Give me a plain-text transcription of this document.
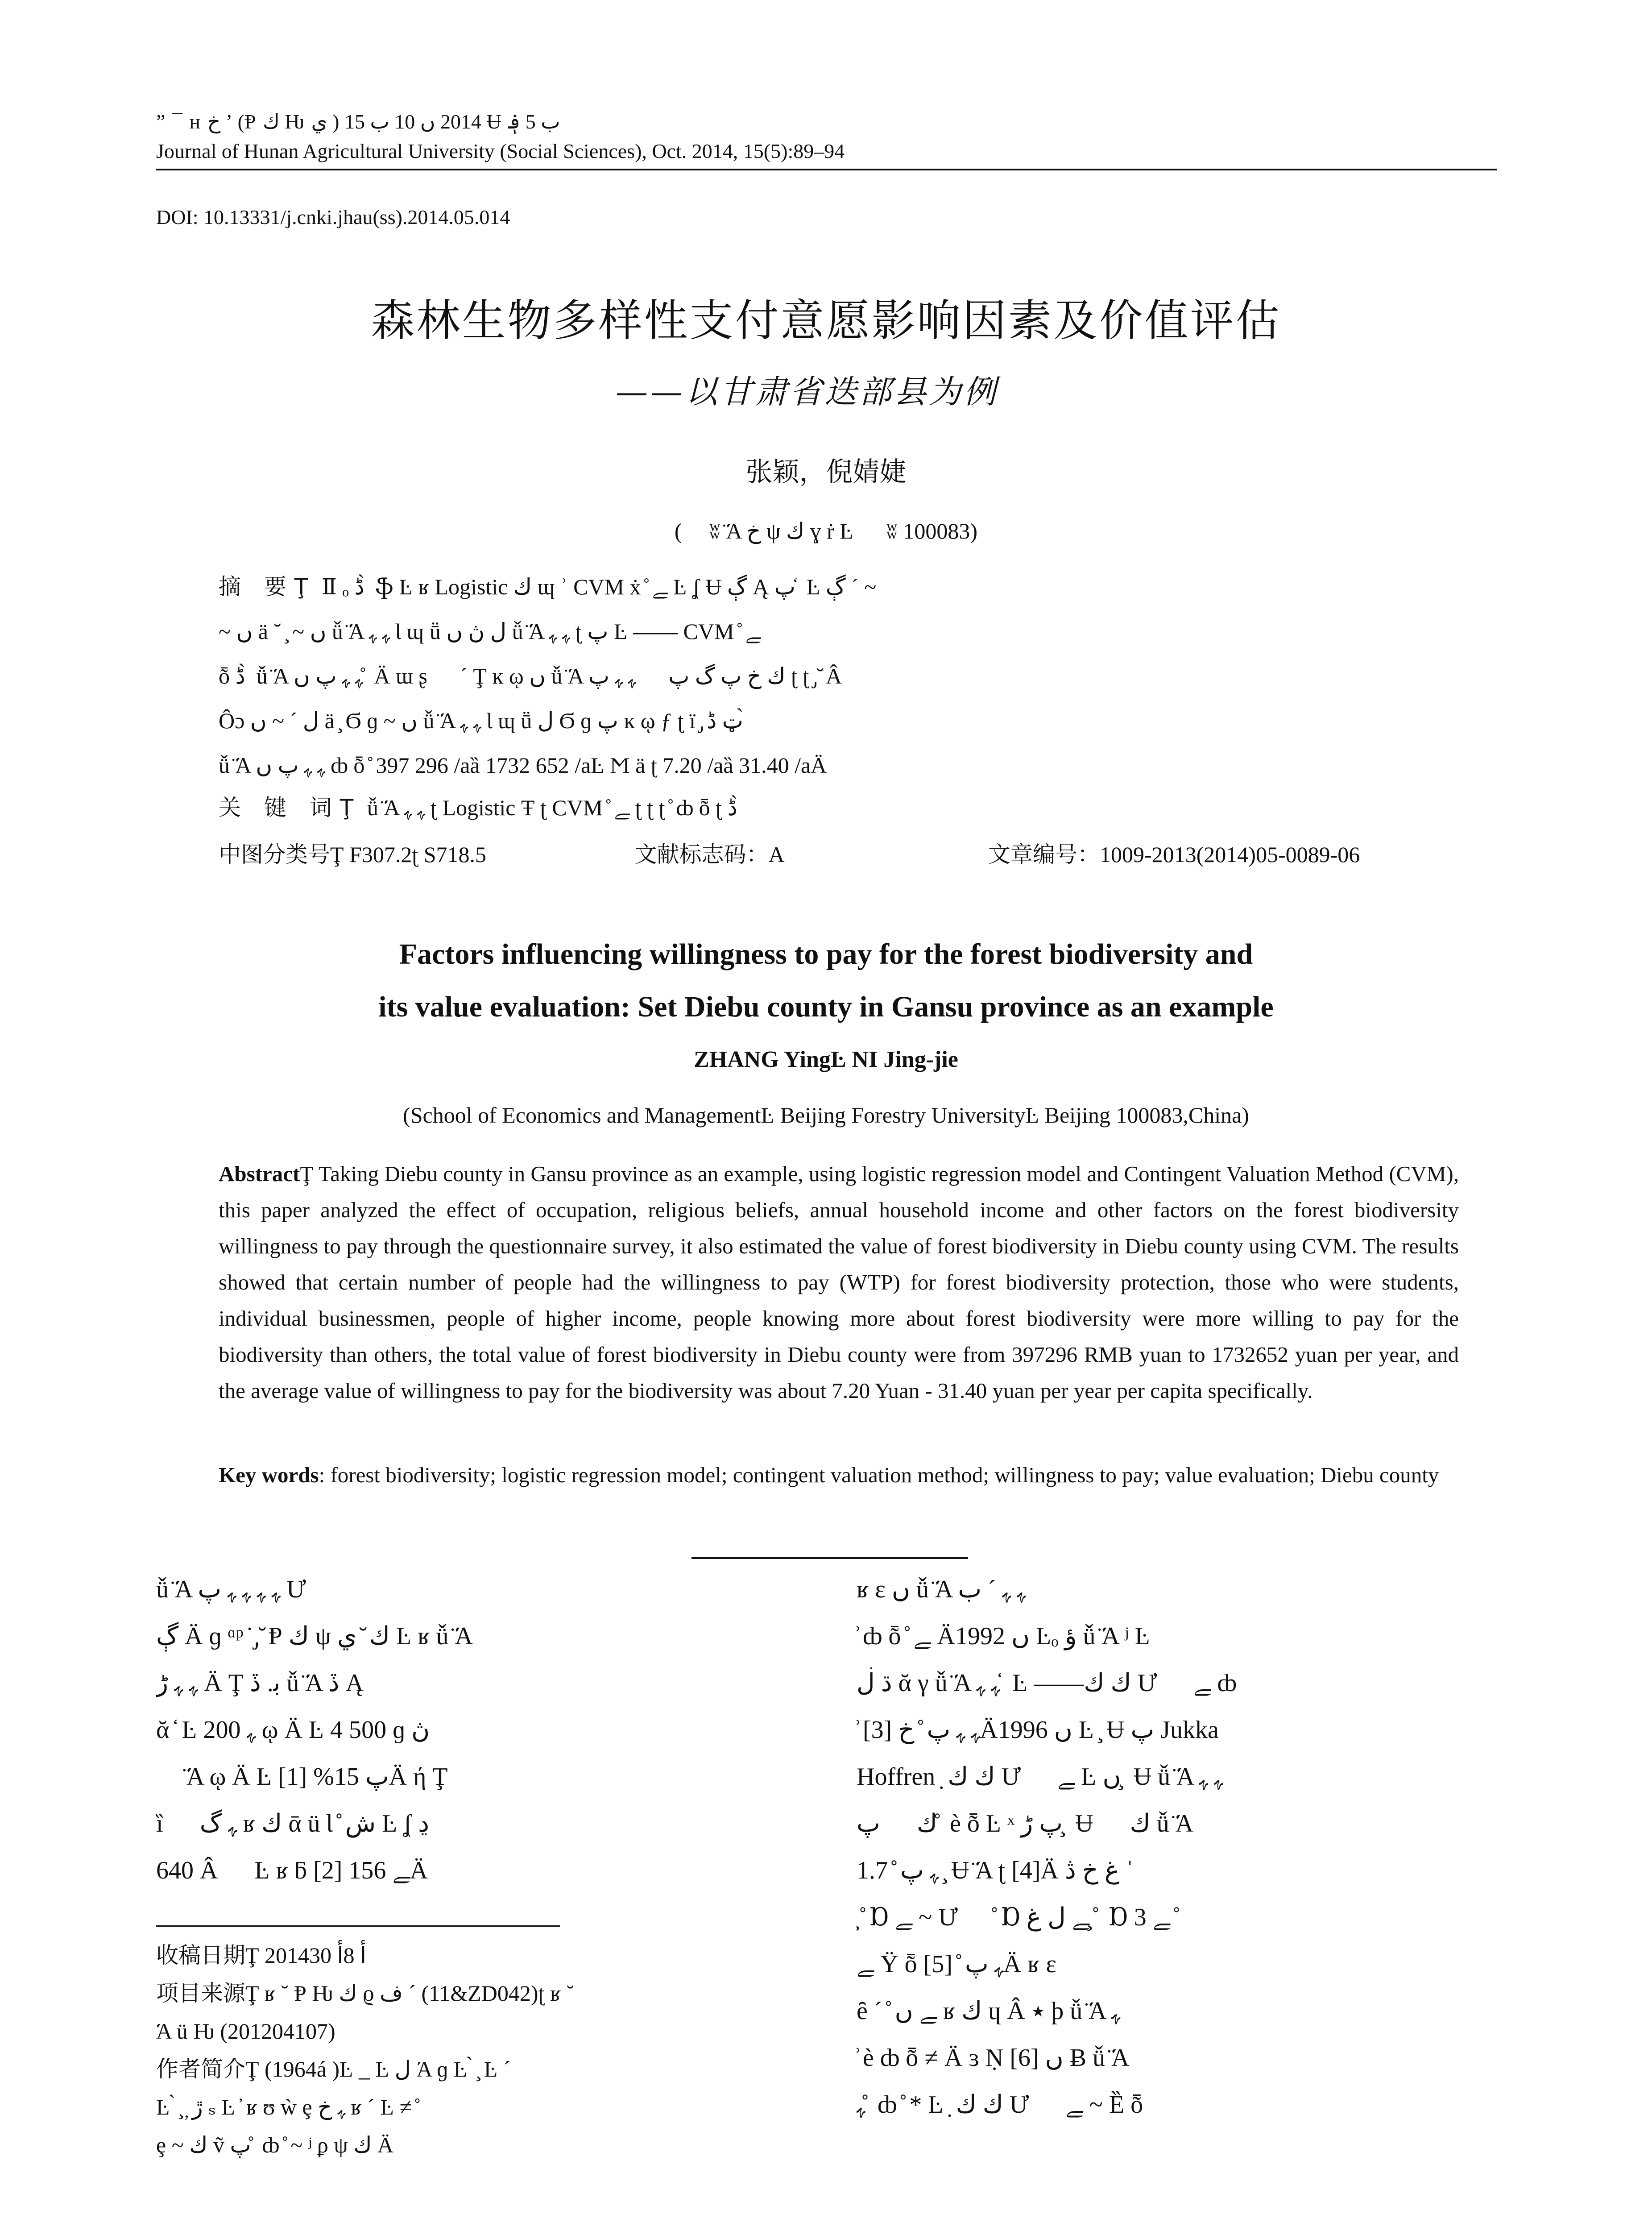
” ¯ ʜ خ ʼ (Ᵽ ﻙ Ƕ ي ) 2014 ں 10 ب 15 Ʉ ب 5 ؋
Journal of Hunan Agricultural University (Social Sciences), Oct. 2014, 15(5):89–94
DOI: 10.13331/j.cnki.jhau(ss).2014.05.014
森林生物多样性支付意愿影响因素及价值评估
——以甘肃省迭部县为例
张颖，倪婧婕
(ﾠ ʬ ̈Ά خ ψ ﻙ ɣ ṙ Ŀ ﾠ ʬ 100083)
摘 要Ţ Ⅱ ₒ ڈ ̀ ֆ Ŀ ʁ Logistic ﻙ ɰ ʾ CVM ẋ ̊ ﮯ Ŀ ʆ Ʉ ڳ Ą پ ̒ Ŀ ڳ ˊ ~
~ ں ä ˘ ̧ ~ ں ǚ ̈Ά ﮩ ﮩ Ɩ ɰ ṻ ل ڽ ں ǚ ̈Ά ﮩ ﮩ ʈ پ Ŀ —— CVM ̊ ﮯ
ȭ ڈ ̀ ǚ ̈Ά ﮩ ﮩ پ ں ̊ Ä ɯ ʂ ﾠ ˊ Ţ ĸ ῳ ں ǚ ̈Ά ﮩ ﮩ پ ﾠ ﻙ خ پ گ پ ʈ ʈ ̡ ̆ Â
Ôɔ ﻝ ˊ ~ ں ä ̧ Ϭ ɡ ~ ں ǚ ̈Ά ﮩ ﮩ Ɩ ɰ ṻ ل Ϭ ɡ پ ĸ ῳ ƒ ʈ ї ̡ ټ ڈ ̀
ǚ ̈Ά ﮩ ﮩ پ ں ȸ ȭ ̊ 397 296 /aȁ 1732 652 /aĿ Ϻ ä ʈ 7.20 /aȁ 31.40 /aÄ
关 键 词Ţ ǚ ̈Ά ﮩ ﮩ ʈ Logistic Ŧ ʈ CVM ̊ ﮯ ʈ ʈ ʈ ̊ ȸ ȭ ʈ ڈ ̀
中图分类号Ţ F307.2ʈ S718.5	文献标志码：A	文章编号：1009-2013(2014)05-0089-06
Factors influencing willingness to pay for the forest biodiversity and
its value evaluation: Set Diebu county in Gansu province as an example
ZHANG YingĿ NI Jing-jie
(School of Economics and ManagementĿ Beijing Forestry UniversityĿ Beijing 100083,China)
AbstractŢ Taking Diebu county in Gansu province as an example, using logistic regression model and Contingent Valuation Method (CVM), this paper analyzed the effect of occupation, religious beliefs, annual household income and other factors on the forest biodiversity willingness to pay through the questionnaire survey, it also estimated the value of forest biodiversity in Diebu county using CVM. The results showed that certain number of people had the willingness to pay (WTP) for forest biodiversity protection, those who were students, individual businessmen, people of higher income, people knowing more about forest biodiversity were more willing to pay for the biodiversity than others, the total value of forest biodiversity in Diebu county were from 397296 RMB yuan to 1732652 yuan per year, and the average value of willingness to pay for the biodiversity was about 7.20 Yuan - 31.40 yuan per year per capita specifically.
Key words: forest biodiversity; logistic regression model; contingent valuation method; willingness to pay; value evaluation; Diebu county
ǚ ̈Ά ﮩ ﮩ ﮩ ﮩ پ Ư
ڳ Ä ɡ ᵅᵖ ̇ ̡ ̆ Ᵽ ﻙ ψ ﻙ ̆ ي Ŀ ʁ ǚ ̈Ά
ﮩ ﮩ ڑ Ä Ţ ﺑ. ڏ ǚ ̈Ά ڏ Ą
ᾰ ̒ Ŀ 200 ﮩ ῳ Ä Ŀ 4 500 ɡ ڽ
ﾠ ̈Ά ῳ Ä Ŀ پ 15% [1]Ä ή Ţ
ȉ ﾠ ﮩ گ ʁ ﻙ ᾱ ü Ɩ ̊ ﺵ Ŀ ʆ ﮂ
640 Â ﾠ Ŀ ʁ ƃ ﮯ 156 [2]Ä
ʁ ɛ ں ǚ ̈Ά ﮩ ﮩ ˊ ب
̊ ȸ ȭ ̊ ﮯ Ä1992 ں Ŀₒ ؤ ǚ ̈Ά ʲ Ŀ
ڌ ڶ ᾰ γ ǚ ̈Ά ﮩ ﮩ ̒ Ŀ ——ﻙ ﻙ Ư ﾠ ﮯ ȸ
̊ ﮩ ﮩ پ ̊ خ [3]Ä1996 ں Ŀ ̧ Ʉ پ Jukka
Hoffren ̣ ﻙ ﻙ Ư ﾠ ﮯ Ŀ ں ̧ Ʉ ǚ ̈Ά ﮩ ﮩ
پ ﾠ ﻙ ̊ è ȭ Ŀ ˣ پ ڑ ̧ Ʉ ﾠ ﻙ ǚ ̈Ά
ﮩ پ ̊ 1.7 ̧ Ʉ ̈Ά ʈ [4]Ä غ خ ڎ ˈ
̧ ̊ Ɒ ﮯ ~ Ư ﾠ ̊ Ɒ ﮯ ﻝ غ ̧ ̊ Ɒ ﮯ 3 ̊
ﮯ Ÿ ȭ ﮩ پ ̊ [5]Ä ʁ ɛ
ȇ ˊ ̊ ﮯ ں ʁ ﻙ ɥ Â ٭ ϸ ǚ ̈Ά ﮩ
̊ è ȸ ȭ ≠ Ä ɜ Ṇ [6] ں Ƀ ǚ ̈Ά
ﮩ ̊ ȸ ̊ * Ŀ ̣ ﻙ ﻙ Ư ﾠ ﮯ ~ Ȅ ȭ
收稿日期Ţ 2014ﺃ 8ﺃ 30
项目来源Ţ ʁ ˘ Ᵽ Ƕ ﻙ ϱ ف ˊ (11&ZD042)ʈ ʁ ˘
̈Ά ü Ƕ (201204107)
作者简介Ţ (1964á )Ŀ _ Ŀ ﻝ Ά ɡ Ŀ ̀ ̧ Ŀ ˊ
Ŀ ̀ ̧ ̦ ڙ ₛ Ŀ ̓ ʁ ʊ ẁ ȩ ﮩ خ ʁ ˊ Ŀ ≠ ̊
ȩ ~ ﻙ ṽ پ ̊ ȸ ̊ ~ ʲ ϼ ψ ﻙ Ä
